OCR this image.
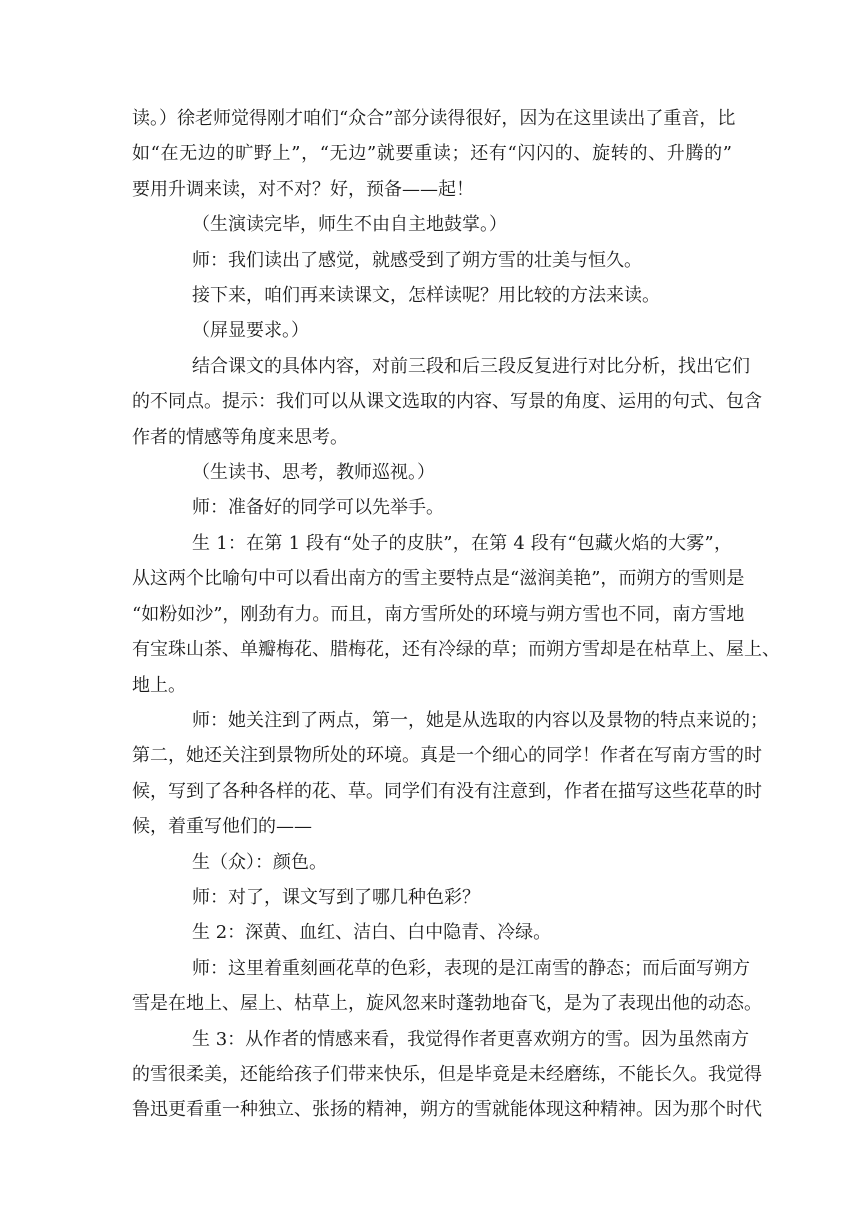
读。）徐老师觉得刚才咱们“众合”部分读得很好，因为在这里读出了重音，比
如“在无边的旷野上”，“无边”就要重读；还有“闪闪的、旋转的、升腾的”
要用升调来读，对不对？好，预备——起！
（生演读完毕，师生不由自主地鼓掌。）
师：我们读出了感觉，就感受到了朔方雪的壮美与恒久。
接下来，咱们再来读课文，怎样读呢？用比较的方法来读。
（屏显要求。）
结合课文的具体内容，对前三段和后三段反复进行对比分析，找出它们
的不同点。提示：我们可以从课文选取的内容、写景的角度、运用的句式、包含
作者的情感等角度来思考。
（生读书、思考，教师巡视。）
师：准备好的同学可以先举手。
生 1：在第 1 段有“处子的皮肤”，在第 4 段有“包藏火焰的大雾”，
从这两个比喻句中可以看出南方的雪主要特点是“滋润美艳”，而朔方的雪则是
“如粉如沙”，刚劲有力。而且，南方雪所处的环境与朔方雪也不同，南方雪地
有宝珠山茶、单瓣梅花、腊梅花，还有冷绿的草；而朔方雪却是在枯草上、屋上、
地上。
师：她关注到了两点，第一，她是从选取的内容以及景物的特点来说的；
第二，她还关注到景物所处的环境。真是一个细心的同学！作者在写南方雪的时
候，写到了各种各样的花、草。同学们有没有注意到，作者在描写这些花草的时
候，着重写他们的——
生（众）：颜色。
师：对了，课文写到了哪几种色彩？
生 2：深黄、血红、洁白、白中隐青、冷绿。
师：这里着重刻画花草的色彩，表现的是江南雪的静态；而后面写朔方
雪是在地上、屋上、枯草上，旋风忽来时蓬勃地奋飞，是为了表现出他的动态。
生 3：从作者的情感来看，我觉得作者更喜欢朔方的雪。因为虽然南方
的雪很柔美，还能给孩子们带来快乐，但是毕竟是未经磨练，不能长久。我觉得
鲁迅更看重一种独立、张扬的精神，朔方的雪就能体现这种精神。因为那个时代
